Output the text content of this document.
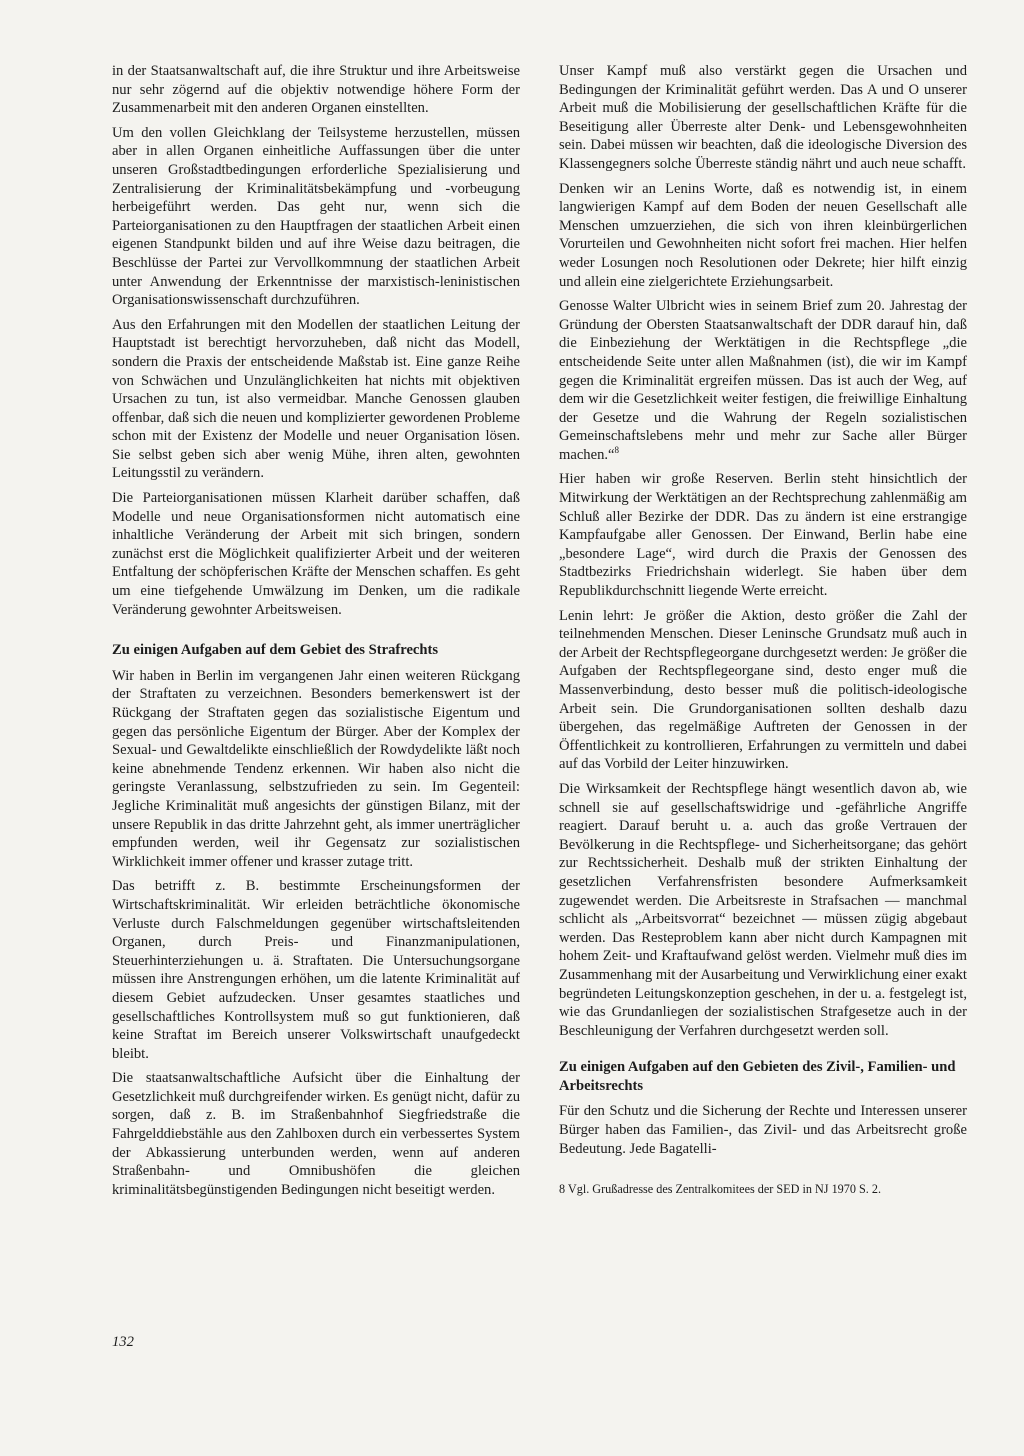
in der Staatsanwaltschaft auf, die ihre Struktur und ihre Arbeitsweise nur sehr zögernd auf die objektiv notwendige höhere Form der Zusammenarbeit mit den anderen Organen einstellten.

Um den vollen Gleichklang der Teilsysteme herzustellen, müssen aber in allen Organen einheitliche Auffassungen über die unter unseren Großstadtbedingungen erforderliche Spezialisierung und Zentralisierung der Kriminalitätsbekämpfung und -vorbeugung herbeigeführt werden. Das geht nur, wenn sich die Parteiorganisationen zu den Hauptfragen der staatlichen Arbeit einen eigenen Standpunkt bilden und auf ihre Weise dazu beitragen, die Beschlüsse der Partei zur Vervollkommnung der staatlichen Arbeit unter Anwendung der Erkenntnisse der marxistisch-leninistischen Organisationswissenschaft durchzuführen.

Aus den Erfahrungen mit den Modellen der staatlichen Leitung der Hauptstadt ist berechtigt hervorzuheben, daß nicht das Modell, sondern die Praxis der entscheidende Maßstab ist. Eine ganze Reihe von Schwächen und Unzulänglichkeiten hat nichts mit objektiven Ursachen zu tun, ist also vermeidbar. Manche Genossen glauben offenbar, daß sich die neuen und komplizierter gewordenen Probleme schon mit der Existenz der Modelle und neuer Organisation lösen. Sie selbst geben sich aber wenig Mühe, ihren alten, gewohnten Leitungsstil zu verändern.

Die Parteiorganisationen müssen Klarheit darüber schaffen, daß Modelle und neue Organisationsformen nicht automatisch eine inhaltliche Veränderung der Arbeit mit sich bringen, sondern zunächst erst die Möglichkeit qualifizierter Arbeit und der weiteren Entfaltung der schöpferischen Kräfte der Menschen schaffen. Es geht um eine tiefgehende Umwälzung im Denken, um die radikale Veränderung gewohnter Arbeitsweisen.

Zu einigen Aufgaben auf dem Gebiet des Strafrechts

Wir haben in Berlin im vergangenen Jahr einen weiteren Rückgang der Straftaten zu verzeichnen. Besonders bemerkenswert ist der Rückgang der Straftaten gegen das sozialistische Eigentum und gegen das persönliche Eigentum der Bürger. Aber der Komplex der Sexual- und Gewaltdelikte einschließlich der Rowdydelikte läßt noch keine abnehmende Tendenz erkennen. Wir haben also nicht die geringste Veranlassung, selbstzufrieden zu sein. Im Gegenteil: Jegliche Kriminalität muß angesichts der günstigen Bilanz, mit der unsere Republik in das dritte Jahrzehnt geht, als immer unerträglicher empfunden werden, weil ihr Gegensatz zur sozialistischen Wirklichkeit immer offener und krasser zutage tritt.

Das betrifft z. B. bestimmte Erscheinungsformen der Wirtschaftskriminalität. Wir erleiden beträchtliche ökonomische Verluste durch Falschmeldungen gegenüber wirtschaftsleitenden Organen, durch Preis- und Finanzmanipulationen, Steuerhinterziehungen u. ä. Straftaten. Die Untersuchungsorgane müssen ihre Anstrengungen erhöhen, um die latente Kriminalität auf diesem Gebiet aufzudecken. Unser gesamtes staatliches und gesellschaftliches Kontrollsystem muß so gut funktionieren, daß keine Straftat im Bereich unserer Volkswirtschaft unaufgedeckt bleibt.

Die staatsanwaltschaftliche Aufsicht über die Einhaltung der Gesetzlichkeit muß durchgreifender wirken. Es genügt nicht, dafür zu sorgen, daß z. B. im Straßenbahnhof Siegfriedstraße die Fahrgelddiebstähle aus den Zahlboxen durch ein verbessertes System der Abkassierung unterbunden werden, wenn auf anderen Straßenbahn- und Omnibushöfen die gleichen kriminalitätsbegünstigenden Bedingungen nicht beseitigt werden.

Unser Kampf muß also verstärkt gegen die Ursachen und Bedingungen der Kriminalität geführt werden. Das A und O unserer Arbeit muß die Mobilisierung der gesellschaftlichen Kräfte für die Beseitigung aller Überreste alter Denk- und Lebensgewohnheiten sein. Dabei müssen wir beachten, daß die ideologische Diversion des Klassengegners solche Überreste ständig nährt und auch neue schafft.

Denken wir an Lenins Worte, daß es notwendig ist, in einem langwierigen Kampf auf dem Boden der neuen Gesellschaft alle Menschen umzuerziehen, die sich von ihren kleinbürgerlichen Vorurteilen und Gewohnheiten nicht sofort frei machen. Hier helfen weder Losungen noch Resolutionen oder Dekrete; hier hilft einzig und allein eine zielgerichtete Erziehungsarbeit.

Genosse Walter Ulbricht wies in seinem Brief zum 20. Jahrestag der Gründung der Obersten Staatsanwaltschaft der DDR darauf hin, daß die Einbeziehung der Werktätigen in die Rechtspflege „die entscheidende Seite unter allen Maßnahmen (ist), die wir im Kampf gegen die Kriminalität ergreifen müssen. Das ist auch der Weg, auf dem wir die Gesetzlichkeit weiter festigen, die freiwillige Einhaltung der Gesetze und die Wahrung der Regeln sozialistischen Gemeinschaftslebens mehr und mehr zur Sache aller Bürger machen.“$^8$

Hier haben wir große Reserven. Berlin steht hinsichtlich der Mitwirkung der Werktätigen an der Rechtsprechung zahlenmäßig am Schluß aller Bezirke der DDR. Das zu ändern ist eine erstrangige Kampfaufgabe aller Genossen. Der Einwand, Berlin habe eine „besondere Lage“, wird durch die Praxis der Genossen des Stadtbezirks Friedrichshain widerlegt. Sie haben über dem Republikdurchschnitt liegende Werte erreicht.

Lenin lehrt: Je größer die Aktion, desto größer die Zahl der teilnehmenden Menschen. Dieser Leninsche Grundsatz muß auch in der Arbeit der Rechtspflegeorgane durchgesetzt werden: Je größer die Aufgaben der Rechtspflegeorgane sind, desto enger muß die Massenverbindung, desto besser muß die politisch-ideologische Arbeit sein. Die Grundorganisationen sollten deshalb dazu übergehen, das regelmäßige Auftreten der Genossen in der Öffentlichkeit zu kontrollieren, Erfahrungen zu vermitteln und dabei auf das Vorbild der Leiter hinzuwirken.

Die Wirksamkeit der Rechtspflege hängt wesentlich davon ab, wie schnell sie auf gesellschaftswidrige und -gefährliche Angriffe reagiert. Darauf beruht u. a. auch das große Vertrauen der Bevölkerung in die Rechtspflege- und Sicherheitsorgane; das gehört zur Rechtssicherheit. Deshalb muß der strikten Einhaltung der gesetzlichen Verfahrensfristen besondere Aufmerksamkeit zugewendet werden. Die Arbeitsreste in Strafsachen — manchmal schlicht als „Arbeitsvorrat“ bezeichnet — müssen zügig abgebaut werden. Das Resteproblem kann aber nicht durch Kampagnen mit hohem Zeit- und Kraftaufwand gelöst werden. Vielmehr muß dies im Zusammenhang mit der Ausarbeitung und Verwirklichung einer exakt begründeten Leitungskonzeption geschehen, in der u. a. festgelegt ist, wie das Grundanliegen der sozialistischen Strafgesetze auch in der Beschleunigung der Verfahren durchgesetzt werden soll.

Zu einigen Aufgaben auf den Gebieten des Zivil-, Familien- und Arbeitsrechts

Für den Schutz und die Sicherung der Rechte und Interessen unserer Bürger haben das Familien-, das Zivil- und das Arbeitsrecht große Bedeutung. Jede Bagatelli-

8 Vgl. Grußadresse des Zentralkomitees der SED in NJ 1970 S. 2.
132
